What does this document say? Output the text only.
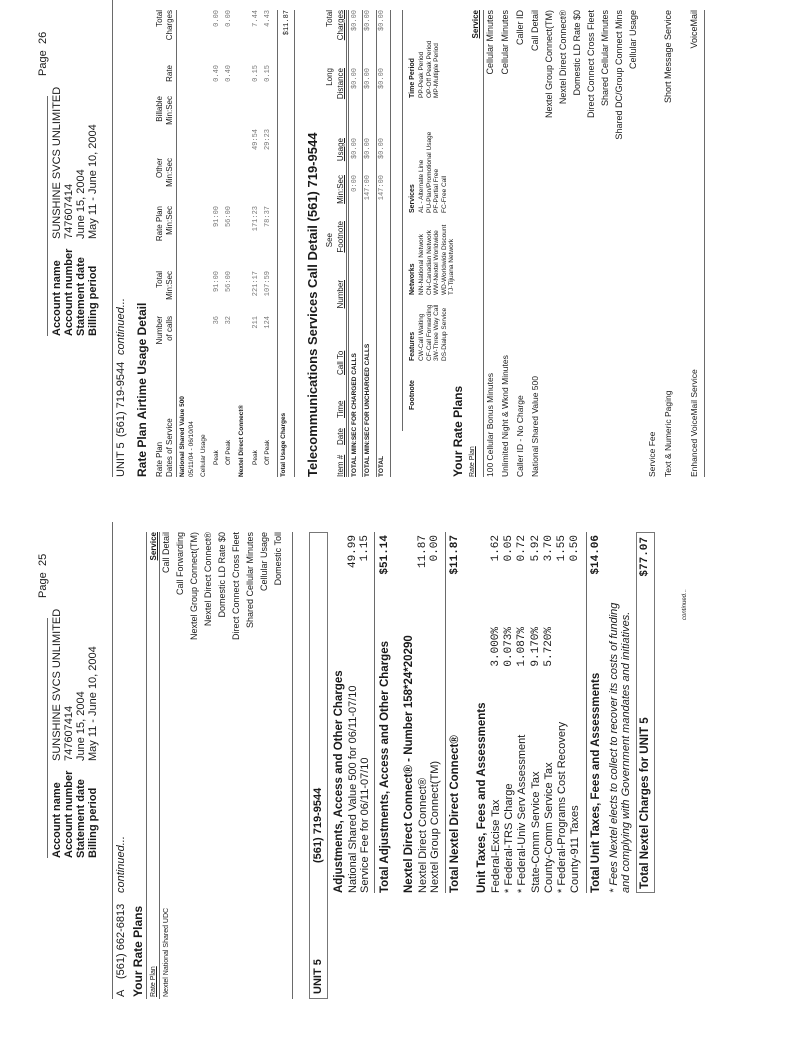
Account name
SUNSHINE SVCS UNLIMITED
Account number
747607414
Statement date
June 15, 2004
Billing period
May 11 - June 10, 2004
Page
25
A
(561) 662-6813
continued...
Your Rate Plans Rate Plan
Service
Nextel National Shared UDC
Call Detail Call Forwarding Nextel Group Connect(TM) Nextel Direct Connect® Domestic LD Rate $0 Direct Connect Cross Fleet Shared Cellular Minutes Cellular Usage Domestic Toll
UNIT 5
(561) 719-9544 Adjustments, Access and Other Charges National Shared Value 500 for 06/11-07/10
49.99
Service Fee for 06/11-07/10
1.15
Total Adjustments, Access and Other Charges
$51.14
Nextel Direct Connect® - Number 158*24*20290 Nextel Direct Connect®
11.87
Nextel Group Connect(TM)
0.00
Total Nextel Direct Connect®
$11.87
Unit Taxes, Fees and Assessments Federal-Excise Tax
3.000%
1.62
* Federal-TRS Charge
0.073%
0.05
* Federal-Univ Serv Assessment
1.087%
0.72
State-Comm Service Tax
9.170%
5.92
County-Comm Service Tax
5.720%
3.70
* Federal-Programs Cost Recovery
1.55
County-911 Taxes
0.50
Total Unit Taxes, Fees and Assessments
$14.06
* Fees Nextel elects to collect to recover its costs of funding and complying with Government mandates and initiatives. Total Nextel Charges for UNIT 5
$77.07
continued...
Account name
SUNSHINE SVCS UNLIMITED
Account number
747607414
Statement date
June 15, 2004
Billing period
May 11 - June 10, 2004
Page
26
UNIT 5
(561) 719-9544
continued... Rate Plan Airtime Usage Detail Rate Plan Dates of Service
Number of calls
Total Min:Sec
Rate Plan Min:Sec
Other Min:Sec
Billable Min:Sec
Rate
Total Charges
National Shared Value 500 05/11/04 - 06/10/04 Cellular Usage Peak
36
91:00
91:00
0.40
0.00
Off Peak
32
56:00
56:00
0.40
0.00
Nextel Direct Connect® Peak
211
221:17
171:23
49:54
0.15
7.44
Off Peak
124
107:59
78:37
29:23
0.15
4.43
Total Usage Charges
$11.87
Telecommunications Services Call Detail (561) 719-9544 See
Long
Total
Item #
Date
Time
Call To
Number
Footnote
Min:Sec
Usage
Distance
Charges
TOTAL MIN:SEC FOR CHARGED CALLS
0:00
$0.00
$0.00
$0.00
TOTAL MIN:SEC FOR UNCHARGED CALLS
147:00
$0.00
$0.00
$0.00
TOTAL
147:00
$0.00
$0.00
$0.00
Footnote
Features CW-Call Waiting CF-Call Forwarding 3W-Three Way Call DS-Dialup Service
Networks NN-National Network CN-Canadian Network WW-Nextel Worldwide WD-Worldwide Discount TJ-Tijuana Network
Services AL - Alternate Line PU-Plan/Promotional Usage PF-Partial Free FC-Free Call
Time Period PP-Peak Period OP-Off Peak Period MP-Multiple Period
Your Rate Plans Rate Plan
Service
100 Cellular Bonus Minutes
Cellular Minutes
Unlimited Night & Wknd Minutes
Cellular Minutes
Caller ID - No Charge
Caller ID
National Shared Value 500
Call Detail Nextel Group Connect(TM) Nextel Direct Connect® Domestic LD Rate $0 Direct Connect Cross Fleet Shared Cellular Minutes Shared DC/Group Connect Mins Cellular Usage
Service Fee Text & Numeric Paging
Short Message Service
Enhanced VoiceMail Service
VoiceMail
